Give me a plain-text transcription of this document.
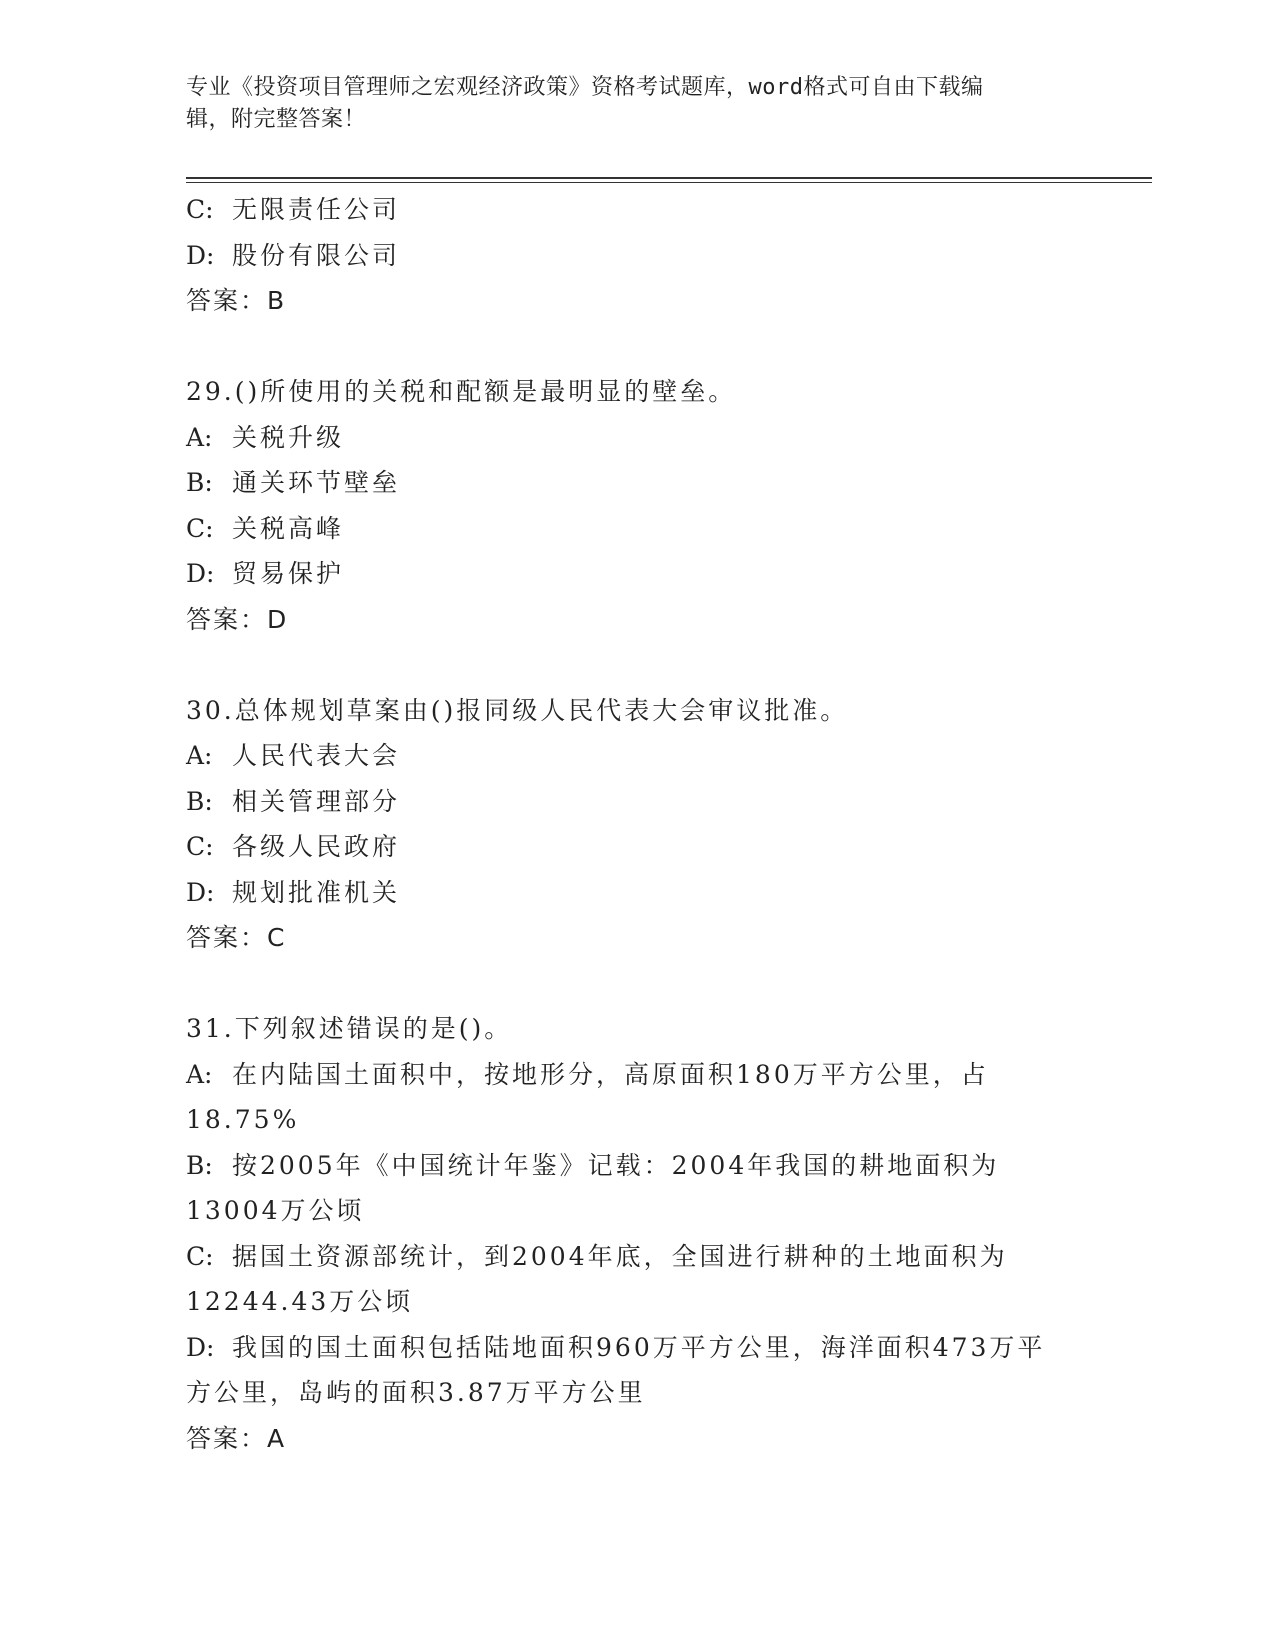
专业《投资项目管理师之宏观经济政策》资格考试题库，word格式可自由下载编
辑，附完整答案！
C: 无限责任公司
D: 股份有限公司
答案：B
29.()所使用的关税和配额是最明显的壁垒。
A: 关税升级
B: 通关环节壁垒
C: 关税高峰
D: 贸易保护
答案：D
30.总体规划草案由()报同级人民代表大会审议批准。
A: 人民代表大会
B: 相关管理部分
C: 各级人民政府
D: 规划批准机关
答案：C
31.下列叙述错误的是()。
A: 在内陆国土面积中，按地形分，高原面积180万平方公里，占
18.75%
B: 按2005年《中国统计年鉴》记载：2004年我国的耕地面积为
13004万公顷
C: 据国土资源部统计，到2004年底，全国进行耕种的土地面积为
12244.43万公顷
D: 我国的国土面积包括陆地面积960万平方公里，海洋面积473万平
方公里，岛屿的面积3.87万平方公里
答案：A
